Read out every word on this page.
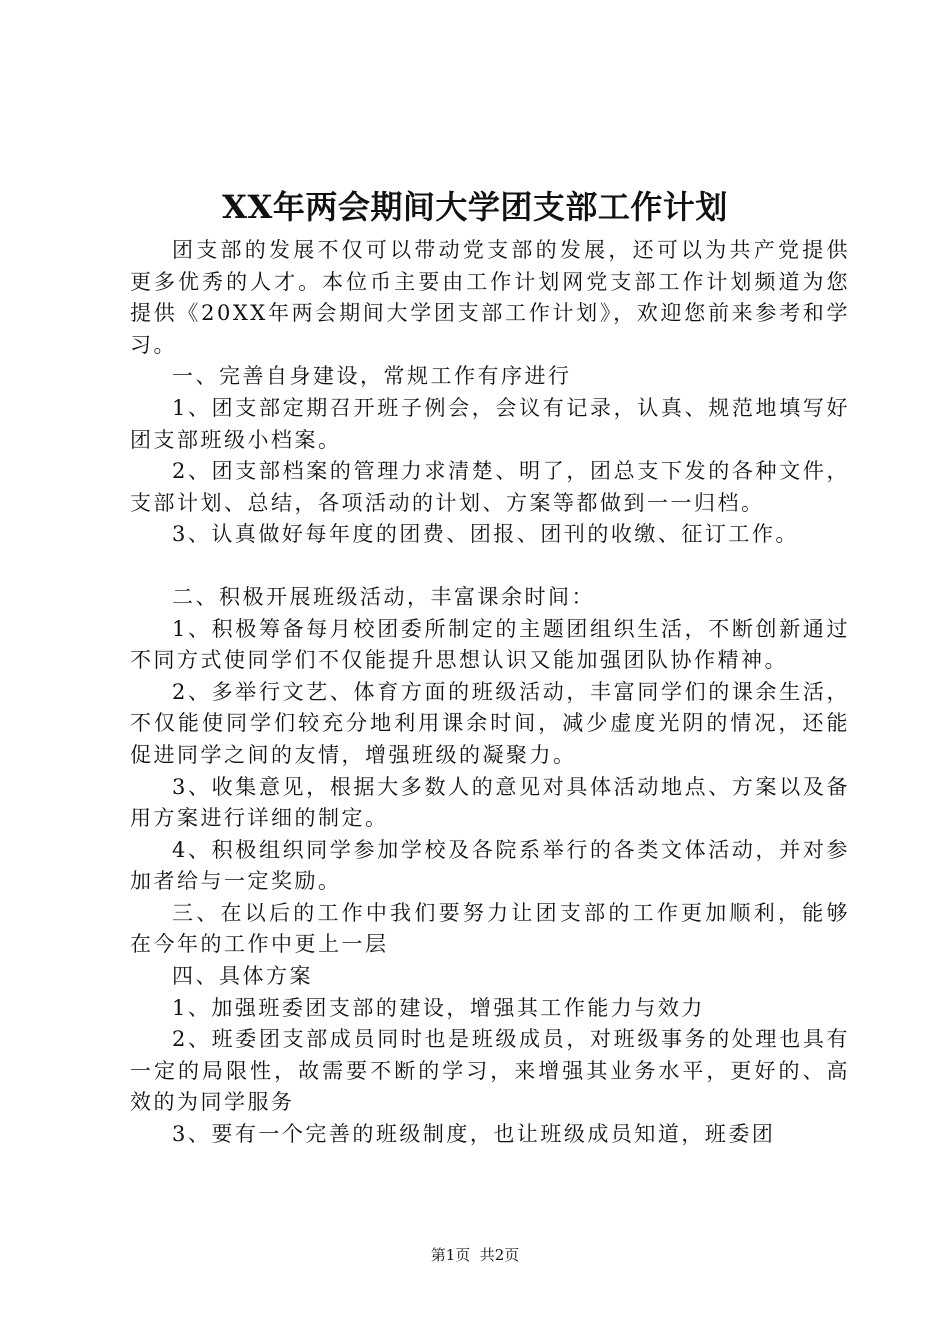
XX年两会期间大学团支部工作计划

团支部的发展不仅可以带动党支部的发展，还可以为共产党提供更多优秀的人才。本位币主要由工作计划网党支部工作计划频道为您提供《20XX年两会期间大学团支部工作计划》，欢迎您前来参考和学习。

一、完善自身建设，常规工作有序进行

1、团支部定期召开班子例会，会议有记录，认真、规范地填写好团支部班级小档案。

2、团支部档案的管理力求清楚、明了，团总支下发的各种文件，支部计划、总结，各项活动的计划、方案等都做到一一归档。

3、认真做好每年度的团费、团报、团刊的收缴、征订工作。

二、积极开展班级活动，丰富课余时间：

1、积极筹备每月校团委所制定的主题团组织生活，不断创新通过不同方式使同学们不仅能提升思想认识又能加强团队协作精神。

2、多举行文艺、体育方面的班级活动，丰富同学们的课余生活，不仅能使同学们较充分地利用课余时间，减少虚度光阴的情况，还能促进同学之间的友情，增强班级的凝聚力。

3、收集意见，根据大多数人的意见对具体活动地点、方案以及备用方案进行详细的制定。

4、积极组织同学参加学校及各院系举行的各类文体活动，并对参加者给与一定奖励。

三、在以后的工作中我们要努力让团支部的工作更加顺利，能够在今年的工作中更上一层

四、具体方案

1、加强班委团支部的建设，增强其工作能力与效力

2、班委团支部成员同时也是班级成员，对班级事务的处理也具有一定的局限性，故需要不断的学习，来增强其业务水平，更好的、高效的为同学服务

3、要有一个完善的班级制度，也让班级成员知道，班委团

第1页  共2页
